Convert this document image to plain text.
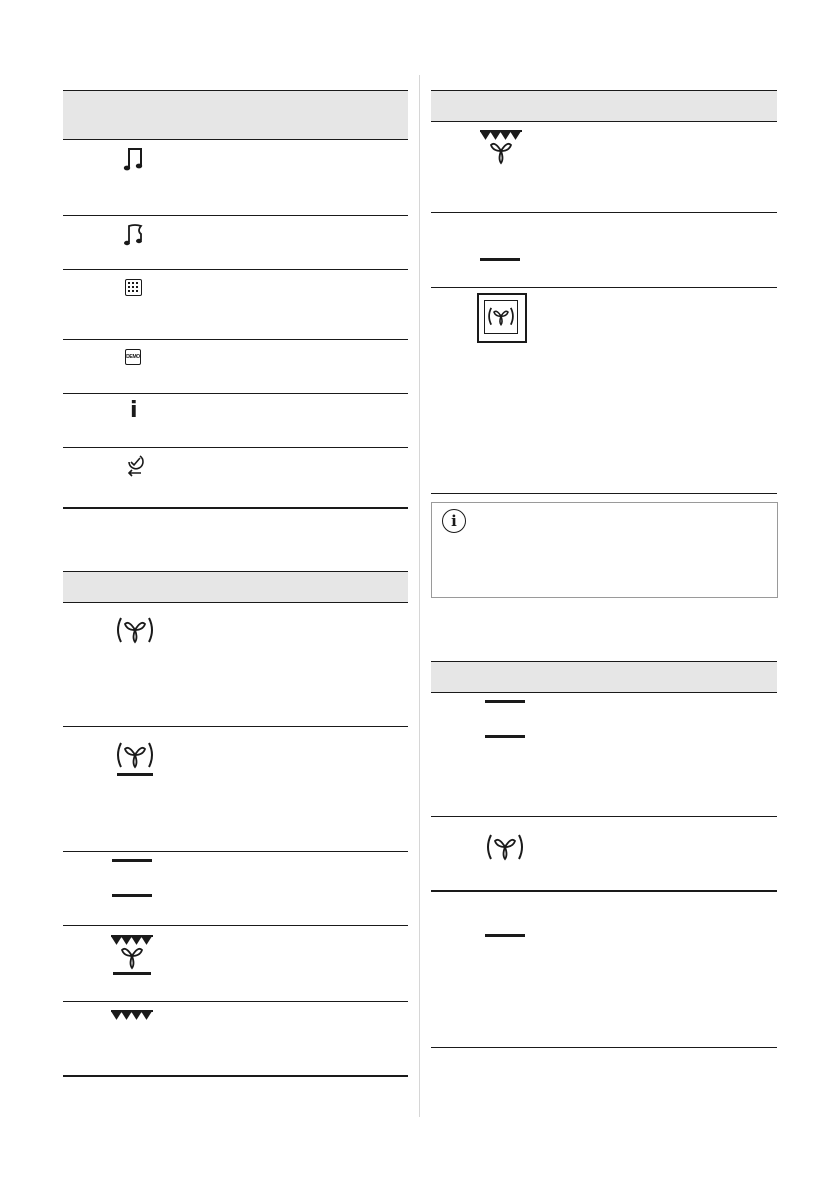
DEMO
i
i
